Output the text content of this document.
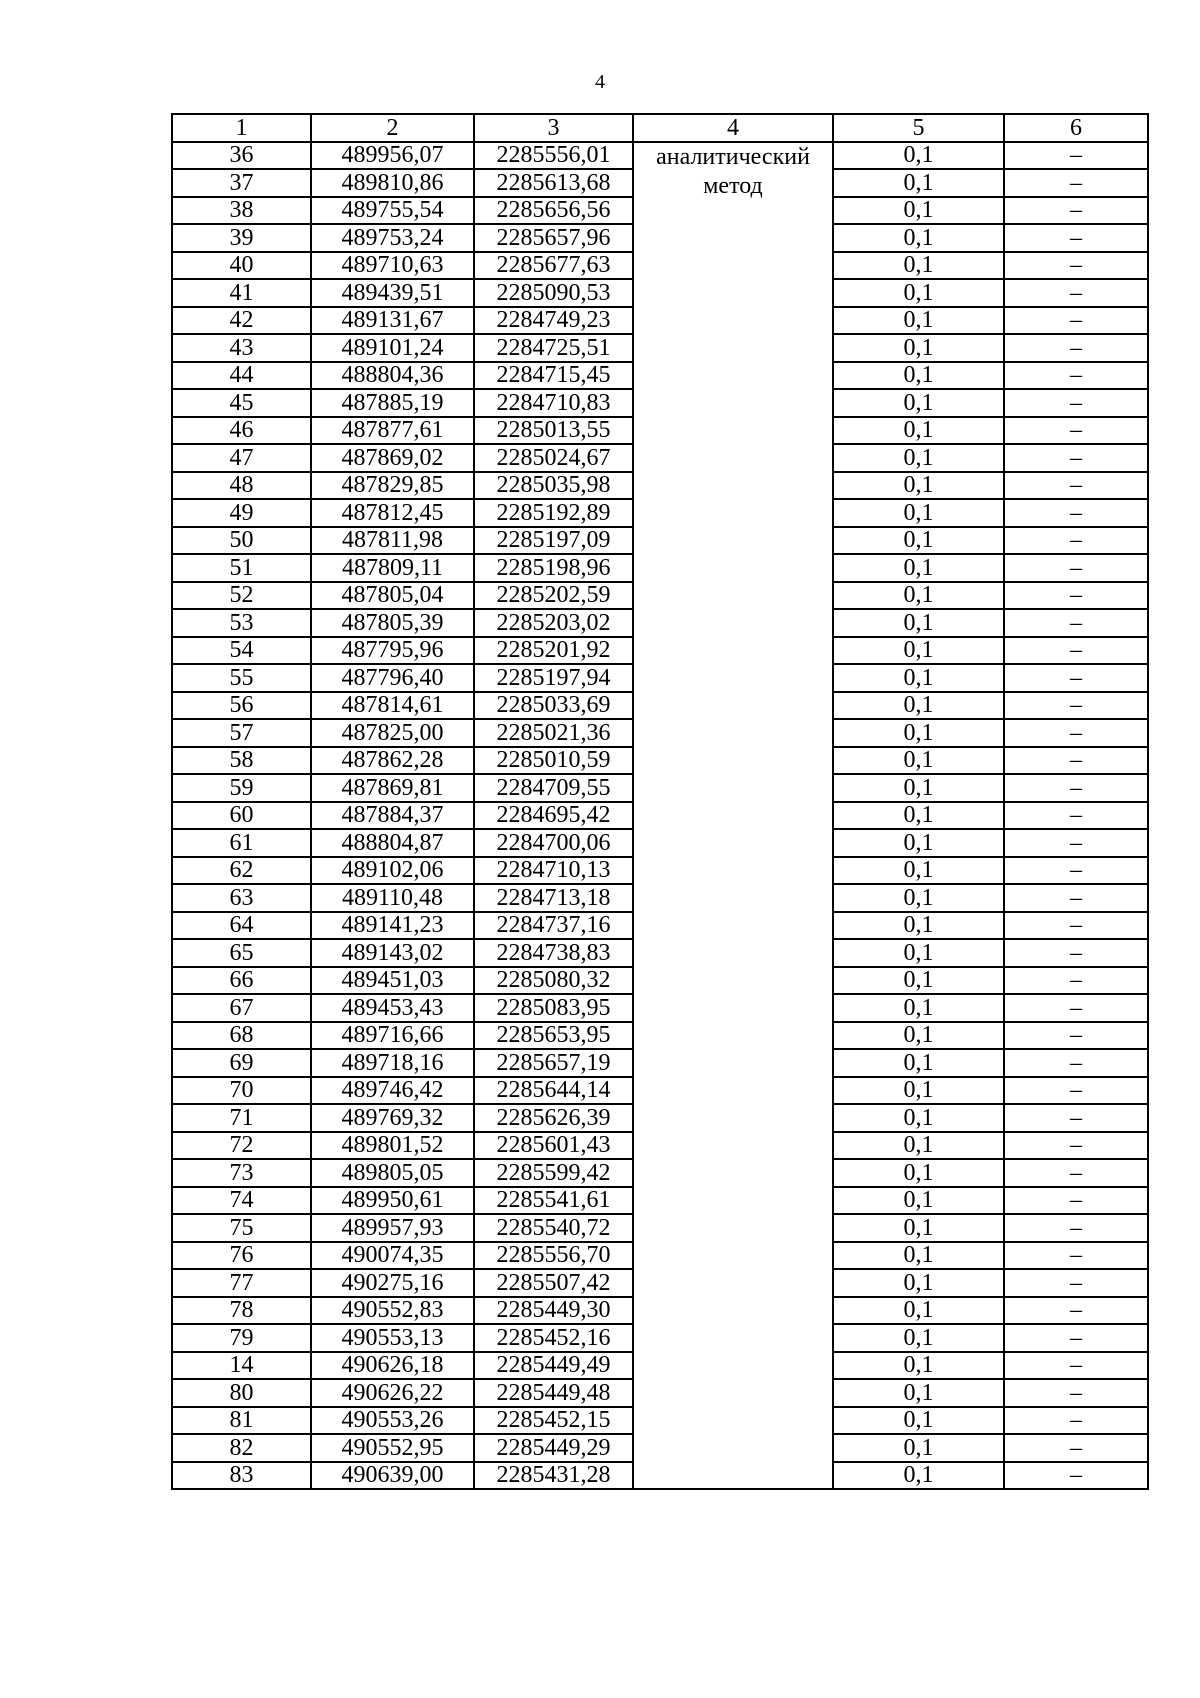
4
1	2	3	4	5	6
36	489956,07	2285556,01	аналитический метод	0,1	–
37	489810,86	2285613,68		0,1	–
38	489755,54	2285656,56		0,1	–
39	489753,24	2285657,96		0,1	–
40	489710,63	2285677,63		0,1	–
41	489439,51	2285090,53		0,1	–
42	489131,67	2284749,23		0,1	–
43	489101,24	2284725,51		0,1	–
44	488804,36	2284715,45		0,1	–
45	487885,19	2284710,83		0,1	–
46	487877,61	2285013,55		0,1	–
47	487869,02	2285024,67		0,1	–
48	487829,85	2285035,98		0,1	–
49	487812,45	2285192,89		0,1	–
50	487811,98	2285197,09		0,1	–
51	487809,11	2285198,96		0,1	–
52	487805,04	2285202,59		0,1	–
53	487805,39	2285203,02		0,1	–
54	487795,96	2285201,92		0,1	–
55	487796,40	2285197,94		0,1	–
56	487814,61	2285033,69		0,1	–
57	487825,00	2285021,36		0,1	–
58	487862,28	2285010,59		0,1	–
59	487869,81	2284709,55		0,1	–
60	487884,37	2284695,42		0,1	–
61	488804,87	2284700,06		0,1	–
62	489102,06	2284710,13		0,1	–
63	489110,48	2284713,18		0,1	–
64	489141,23	2284737,16		0,1	–
65	489143,02	2284738,83		0,1	–
66	489451,03	2285080,32		0,1	–
67	489453,43	2285083,95		0,1	–
68	489716,66	2285653,95		0,1	–
69	489718,16	2285657,19		0,1	–
70	489746,42	2285644,14		0,1	–
71	489769,32	2285626,39		0,1	–
72	489801,52	2285601,43		0,1	–
73	489805,05	2285599,42		0,1	–
74	489950,61	2285541,61		0,1	–
75	489957,93	2285540,72		0,1	–
76	490074,35	2285556,70		0,1	–
77	490275,16	2285507,42		0,1	–
78	490552,83	2285449,30		0,1	–
79	490553,13	2285452,16		0,1	–
14	490626,18	2285449,49		0,1	–
80	490626,22	2285449,48		0,1	–
81	490553,26	2285452,15		0,1	–
82	490552,95	2285449,29		0,1	–
83	490639,00	2285431,28		0,1	–
